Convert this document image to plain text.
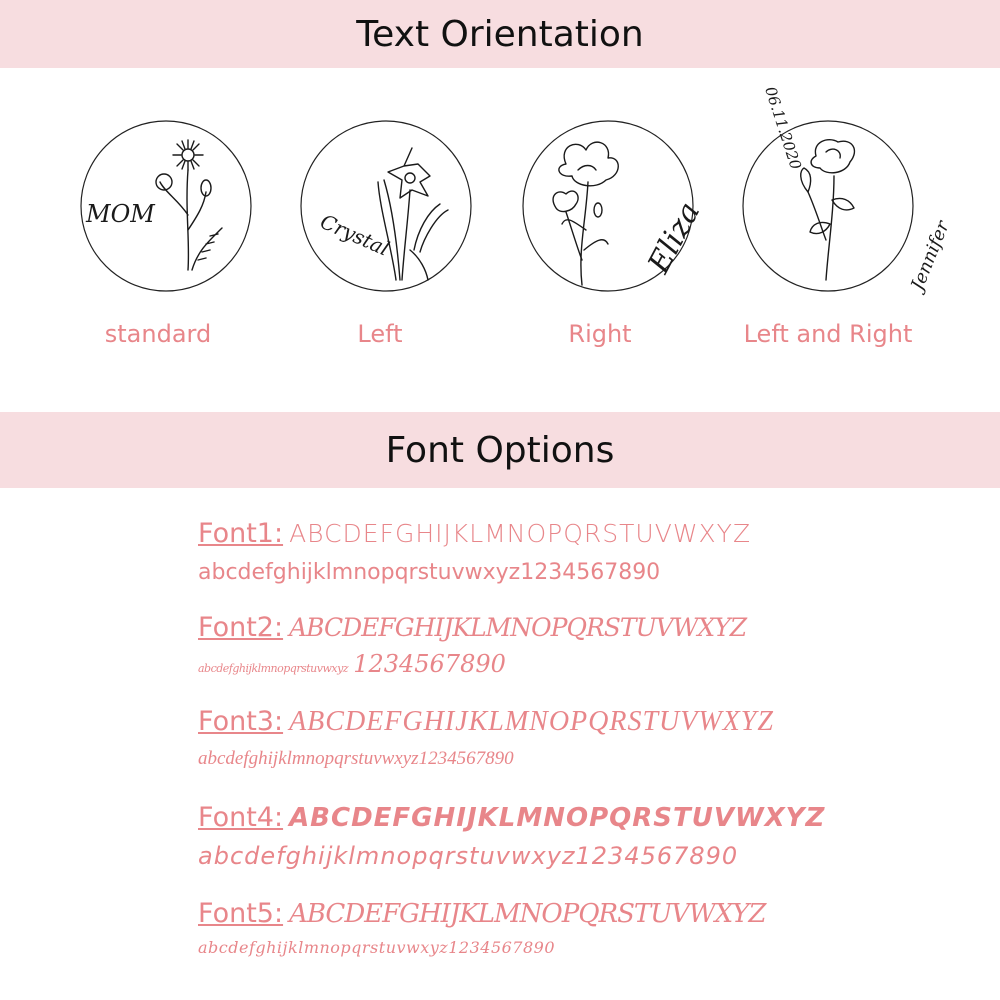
Text Orientation
Font Options
MOM	Crystal	Eliza
06.11.2020
Jennifer
standard	Left	Right	Left and Right
Font1: ABCDEFGHIJKLMNOPQRSTUVWXYZ
abcdefghijklmnopqrstuvwxyz1234567890
Font2: ABCDEFGHIJKLMNOPQRSTUVWXYZ
abcdefghijklmnopqrstuvwxyz 1234567890
Font3: ABCDEFGHIJKLMNOPQRSTUVWXYZ
abcdefghijklmnopqrstuvwxyz1234567890
Font4: ABCDEFGHIJKLMNOPQRSTUVWXYZ
abcdefghijklmnopqrstuvwxyz1234567890
Font5: ABCDEFGHIJKLMNOPQRSTUVWXYZ
abcdefghijklmnopqrstuvwxyz1234567890
